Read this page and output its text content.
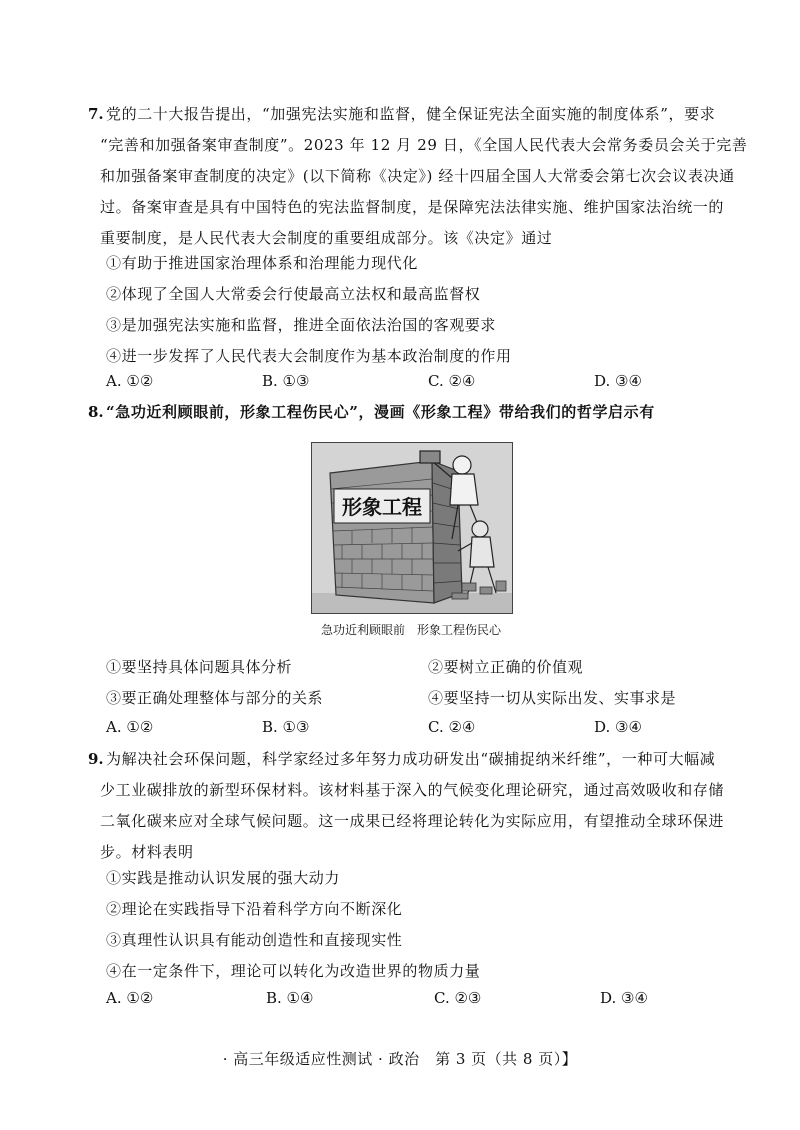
7. 党的二十大报告提出，“加强宪法实施和监督，健全保证宪法全面实施的制度体系”，要求
“完善和加强备案审查制度”。2023 年 12 月 29 日，《全国人民代表大会常务委员会关于完善
和加强备案审查制度的决定》(以下简称《决定》) 经十四届全国人大常委会第七次会议表决通
过。备案审查是具有中国特色的宪法监督制度，是保障宪法法律实施、维护国家法治统一的
重要制度，是人民代表大会制度的重要组成部分。该《决定》通过
①有助于推进国家治理体系和治理能力现代化
②体现了全国人大常委会行使最高立法权和最高监督权
③是加强宪法实施和监督，推进全面依法治国的客观要求
④进一步发挥了人民代表大会制度作为基本政治制度的作用
A. ①②	B. ①③	C. ②④	D. ③④
8. “急功近利顾眼前，形象工程伤民心”，漫画《形象工程》带给我们的哲学启示有
形象工程
急功近利顾眼前　形象工程伤民心
①要坚持具体问题具体分析	②要树立正确的价值观
③要正确处理整体与部分的关系	④要坚持一切从实际出发、实事求是
A. ①②	B. ①③	C. ②④	D. ③④
9. 为解决社会环保问题，科学家经过多年努力成功研发出“碳捕捉纳米纤维”，一种可大幅减
少工业碳排放的新型环保材料。该材料基于深入的气候变化理论研究，通过高效吸收和存储
二氧化碳来应对全球气候问题。这一成果已经将理论转化为实际应用，有望推动全球环保进
步。材料表明
①实践是推动认识发展的强大动力
②理论在实践指导下沿着科学方向不断深化
③真理性认识具有能动创造性和直接现实性
④在一定条件下，理论可以转化为改造世界的物质力量
A. ①②	B. ①④	C. ②③	D. ③④
· 高三年级适应性测试 · 政治　第 3 页（共 8 页）】
